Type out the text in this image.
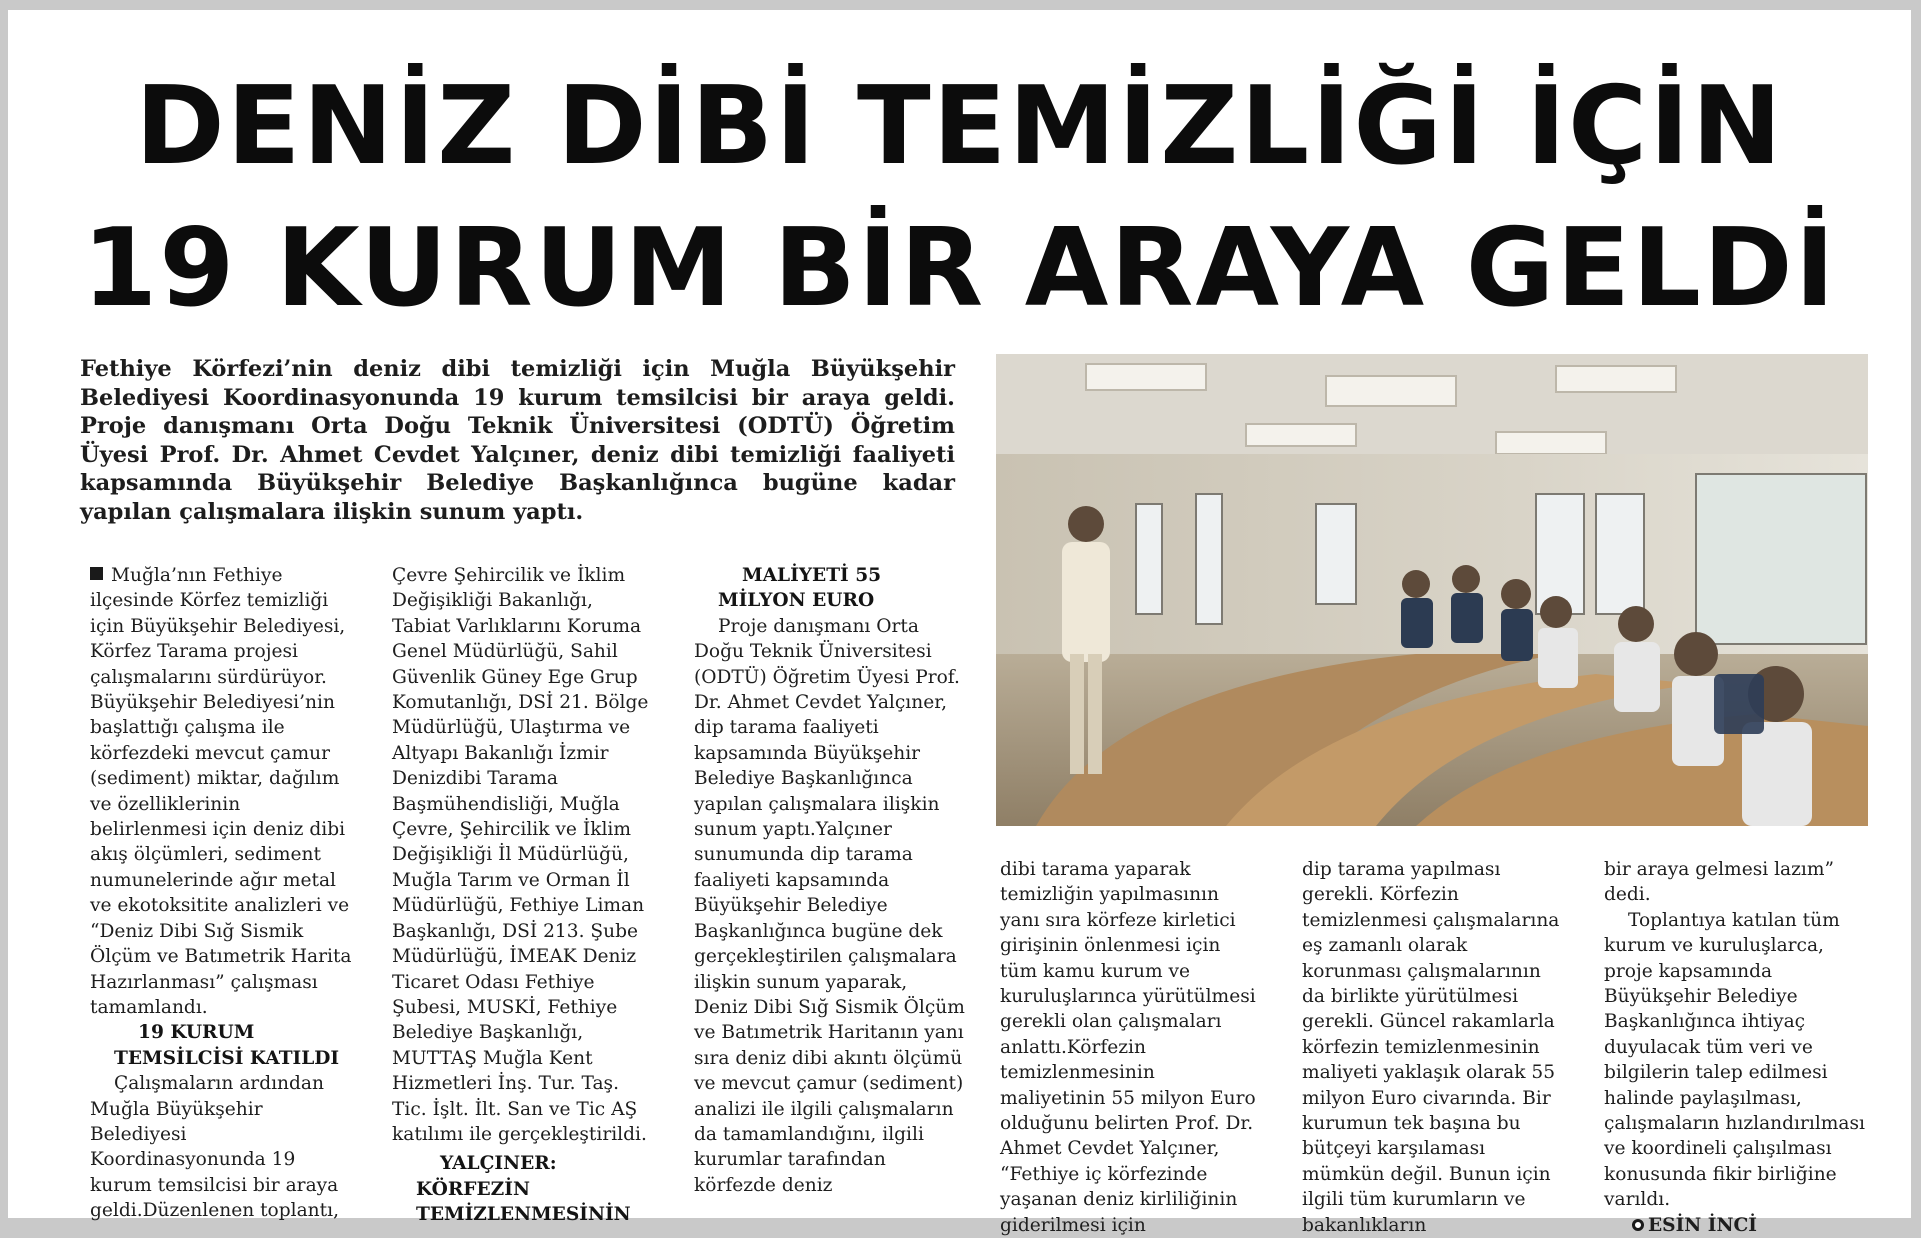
DENİZ DİBİ TEMİZLİĞİ İÇİN
19 KURUM BİR ARAYA GELDİ

Fethiye Körfezi’nin deniz dibi temizliği için Muğla Büyükşehir Belediyesi Koordinasyonunda 19 kurum temsilcisi bir araya geldi. Proje danışmanı Orta Doğu Teknik Üniversitesi (ODTÜ) Öğretim Üyesi Prof. Dr. Ahmet Cevdet Yalçıner, deniz dibi temizliği faaliyeti kapsamında Büyükşehir Belediye Başkanlığınca bugüne kadar yapılan çalışmalara ilişkin sunum yaptı.

Muğla’nın Fethiye ilçesinde Körfez temizliği için Büyükşehir Belediyesi, Körfez Tarama projesi çalışmalarını sürdürüyor. Büyükşehir Belediyesi’nin başlattığı çalışma ile körfezdeki mevcut çamur (sediment) miktar, dağılım ve özelliklerinin belirlenmesi için deniz dibi akış ölçümleri, sediment numunelerinde ağır metal ve ekotoksitite analizleri ve “Deniz Dibi Sığ Sismik Ölçüm ve Batımetrik Harita Hazırlanması” çalışması tamamlandı.

19 KURUM TEMSİLCİSİ KATILDI

Çalışmaların ardından Muğla Büyükşehir Belediyesi Koordinasyonunda 19 kurum temsilcisi bir araya geldi.Düzenlenen toplantı,

Çevre Şehircilik ve İklim Değişikliği Bakanlığı, Tabiat Varlıklarını Koruma Genel Müdürlüğü, Sahil Güvenlik Güney Ege Grup Komutanlığı, DSİ 21. Bölge Müdürlüğü, Ulaştırma ve Altyapı Bakanlığı İzmir Denizdibi Tarama Başmühendisliği, Muğla Çevre, Şehircilik ve İklim Değişikliği İl Müdürlüğü, Muğla Tarım ve Orman İl Müdürlüğü, Fethiye Liman Başkanlığı, DSİ 213. Şube Müdürlüğü, İMEAK Deniz Ticaret Odası Fethiye Şubesi, MUSKİ, Fethiye Belediye Başkanlığı, MUTTAŞ Muğla Kent Hizmetleri İnş. Tur. Taş. Tic. İşlt. İlt. San ve Tic AŞ katılımı ile gerçekleştirildi.

YALÇINER: KÖRFEZİN TEMİZLENMESİNİN

MALİYETİ 55 MİLYON EURO

Proje danışmanı Orta Doğu Teknik Üniversitesi (ODTÜ) Öğretim Üyesi Prof. Dr. Ahmet Cevdet Yalçıner, dip tarama faaliyeti kapsamında Büyükşehir Belediye Başkanlığınca yapılan çalışmalara ilişkin sunum yaptı.Yalçıner sunumunda dip tarama faaliyeti kapsamında Büyükşehir Belediye Başkanlığınca bugüne dek gerçekleştirilen çalışmalara ilişkin sunum yaparak, Deniz Dibi Sığ Sismik Ölçüm ve Batımetrik Haritanın yanı sıra deniz dibi akıntı ölçümü ve mevcut çamur (sediment) analizi ile ilgili çalışmaların da tamamlandığını, ilgili kurumlar tarafından körfezde deniz

dibi tarama yaparak temizliğin yapılmasının yanı sıra körfeze kirletici girişinin önlenmesi için tüm kamu kurum ve kuruluşlarınca yürütülmesi gerekli olan çalışmaları anlattı.Körfezin temizlenmesinin maliyetinin 55 milyon Euro olduğunu belirten Prof. Dr. Ahmet Cevdet Yalçıner, “Fethiye iç körfezinde yaşanan deniz kirliliğinin giderilmesi için

dip tarama yapılması gerekli. Körfezin temizlenmesi çalışmalarına eş zamanlı olarak korunması çalışmalarının da birlikte yürütülmesi gerekli. Güncel rakamlarla körfezin temizlenmesinin maliyeti yaklaşık olarak 55 milyon Euro civarında. Bir kurumun tek başına bu bütçeyi karşılaması mümkün değil. Bunun için ilgili tüm kurumların ve bakanlıkların

bir araya gelmesi lazım” dedi.

Toplantıya katılan tüm kurum ve kuruluşlarca, proje kapsamında Büyükşehir Belediye Başkanlığınca ihtiyaç duyulacak tüm veri ve bilgilerin talep edilmesi halinde paylaşılması, çalışmaların hızlandırılması ve koordineli çalışılması konusunda fikir birliğine varıldı.

ESİN İNCİ
